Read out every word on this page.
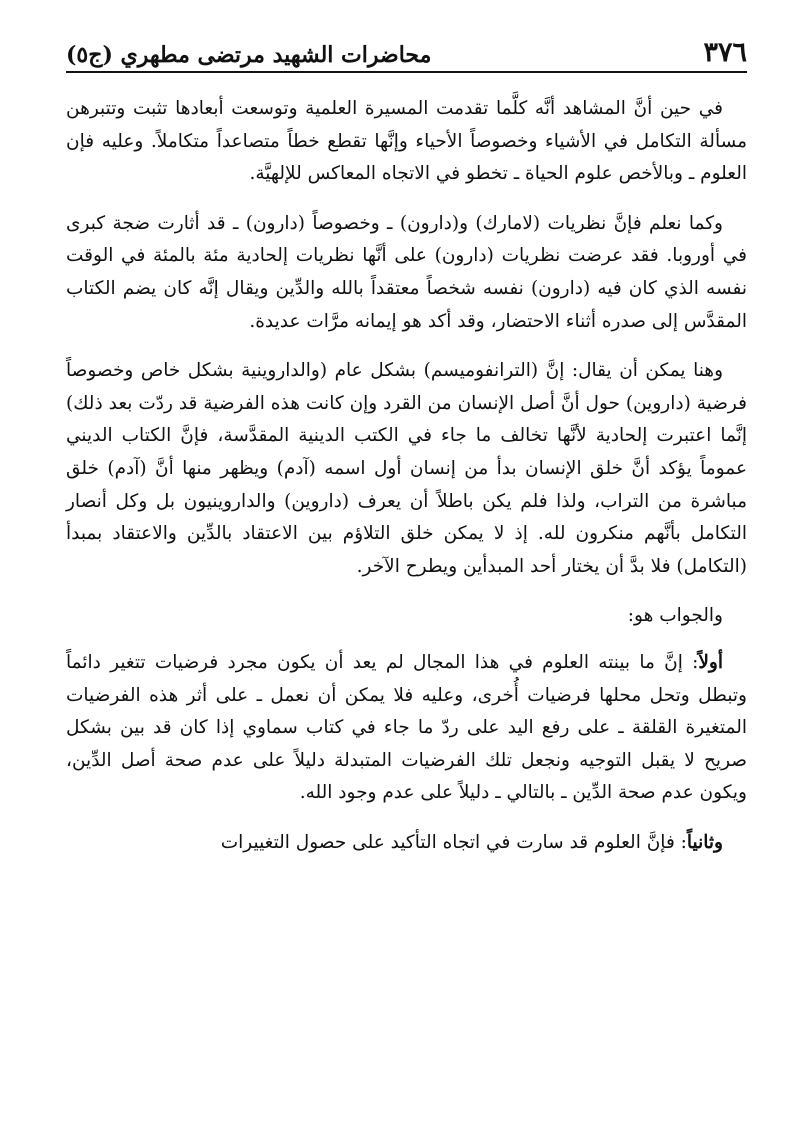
٣٧٦
محاضرات الشهيد مرتضى مطهري (ج٥)

في حين أنَّ المشاهد أنَّه كلَّما تقدمت المسيرة العلمية وتوسعت أبعادها تثبت وتتبرهن مسألة التكامل في الأشياء وخصوصاً الأحياء وإنَّها تقطع خطاً متصاعداً متكاملاً. وعليه فإن العلوم ـ وبالأخص علوم الحياة ـ تخطو في الاتجاه المعاكس للإلهيَّة.

وكما نعلم فإنَّ نظريات (لامارك) و(دارون) ـ وخصوصاً (دارون) ـ قد أثارت ضجة كبرى في أوروبا. فقد عرضت نظريات (دارون) على أنَّها نظريات إلحادية مئة بالمئة في الوقت نفسه الذي كان فيه (دارون) نفسه شخصاً معتقداً بالله والدِّين ويقال إنَّه كان يضم الكتاب المقدَّس إلى صدره أثناء الاحتضار، وقد أكد هو إيمانه مرَّات عديدة.

وهنا يمكن أن يقال: إنَّ (الترانفوميسم) بشكل عام (والداروينية بشكل خاص وخصوصاً فرضية (داروين) حول أنَّ أصل الإنسان من القرد وإن كانت هذه الفرضية قد ردّت بعد ذلك) إنَّما اعتبرت إلحادية لأنَّها تخالف ما جاء في الكتب الدينية المقدَّسة، فإنَّ الكتاب الديني عموماً يؤكد أنَّ خلق الإنسان بدأ من إنسان أول اسمه (آدم) ويظهر منها أنَّ (آدم) خلق مباشرة من التراب، ولذا فلم يكن باطلاً أن يعرف (داروين) والداروينيون بل وكل أنصار التكامل بأنَّهم منكرون لله. إذ لا يمكن خلق التلاؤم بين الاعتقاد بالدِّين والاعتقاد بمبدأ (التكامل) فلا بدَّ أن يختار أحد المبدأين ويطرح الآخر.

والجواب هو:

أولاً: إنَّ ما بينته العلوم في هذا المجال لم يعد أن يكون مجرد فرضيات تتغير دائماً وتبطل وتحل محلها فرضيات أُخرى، وعليه فلا يمكن أن نعمل ـ على أثر هذه الفرضيات المتغيرة القلقة ـ على رفع اليد على ردّ ما جاء في كتاب سماوي إذا كان قد بين بشكل صريح لا يقبل التوجيه ونجعل تلك الفرضيات المتبدلة دليلاً على عدم صحة أصل الدِّين، ويكون عدم صحة الدِّين ـ بالتالي ـ دليلاً على عدم وجود الله.

وثانياً: فإنَّ العلوم قد سارت في اتجاه التأكيد على حصول التغييرات
